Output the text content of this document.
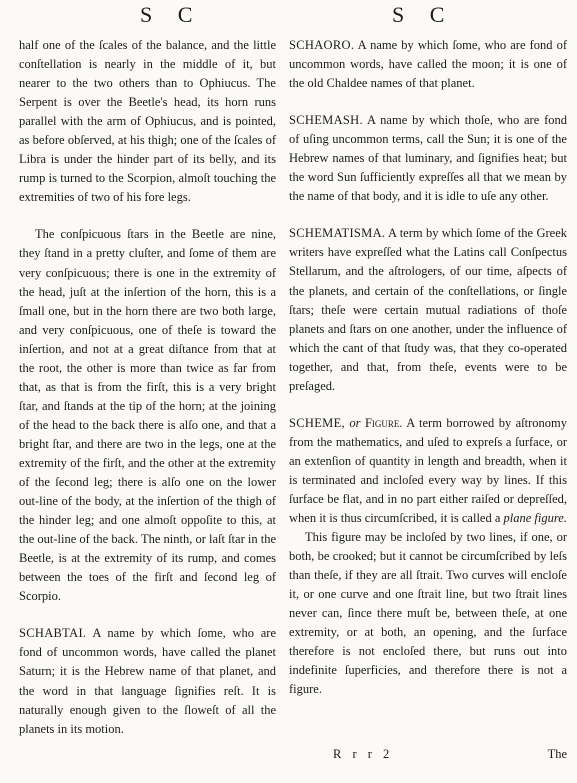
S C	S C

half one of the ſcales of the balance, and the little conſtellation is nearly in the middle of it, but nearer to the two others than to Ophiucus. The Serpent is over the Beetle's head, its horn runs parallel with the arm of Ophiucus, and is pointed, as before obſerved, at his thigh; one of the ſcales of Libra is under the hinder part of its belly, and its rump is turned to the Scorpion, almoſt touching the extremities of two of his fore legs.

The conſpicuous ſtars in the Beetle are nine, they ſtand in a pretty cluſter, and ſome of them are very conſpicuous; there is one in the extremity of the head, juſt at the inſertion of the horn, this is a ſmall one, but in the horn there are two both large, and very conſpicuous, one of theſe is toward the inſertion, and not at a great diſtance from that at the root, the other is more than twice as far from that, as that is from the firſt, this is a very bright ſtar, and ſtands at the tip of the horn; at the joining of the head to the back there is alſo one, and that a bright ſtar, and there are two in the legs, one at the extremity of the firſt, and the other at the extremity of the ſecond leg; there is alſo one on the lower out-line of the body, at the inſertion of the thigh of the hinder leg; and one almoſt oppoſite to this, at the out-line of the back. The ninth, or laſt ſtar in the Beetle, is at the extremity of its rump, and comes between the toes of the firſt and ſecond leg of Scorpio.

SCHABTAI. A name by which ſome, who are fond of uncommon words, have called the planet Saturn; it is the Hebrew name of that planet, and the word in that language ſignifies reſt. It is naturally enough given to the ſloweſt of all the planets in its motion.

SCHAORO. A name by which ſome, who are fond of uncommon words, have called the moon; it is one of the old Chaldee names of that planet.

SCHEMASH. A name by which thoſe, who are fond of uſing uncommon terms, call the Sun; it is one of the Hebrew names of that luminary, and ſignifies heat; but the word Sun ſufficiently expreſſes all that we mean by the name of that body, and it is idle to uſe any other.

SCHEMATISMA. A term by which ſome of the Greek writers have expreſſed what the Latins call Conſpectus Stellarum, and the aſtrologers, of our time, aſpects of the planets, and certain of the conſtellations, or ſingle ſtars; theſe were certain mutual radiations of thoſe planets and ſtars on one another, under the influence of which the cant of that ſtudy was, that they co-operated together, and that, from theſe, events were to be preſaged.

SCHEME, or Figure. A term borrowed by aſtronomy from the mathematics, and uſed to expreſs a ſurface, or an extenſion of quantity in length and breadth, when it is terminated and incloſed every way by lines. If this ſurface be flat, and in no part either raiſed or depreſſed, when it is thus circumſcribed, it is called a plane figure.

This figure may be incloſed by two lines, if one, or both, be crooked; but it cannot be circumſcribed by leſs than theſe, if they are all ſtrait. Two curves will encloſe it, or one curve and one ſtrait line, but two ſtrait lines never can, ſince there muſt be, between theſe, at one extremity, or at both, an opening, and the ſurface therefore is not encloſed there, but runs out into indefinite ſuperficies, and therefore there is not a figure.

R r r 2	The
